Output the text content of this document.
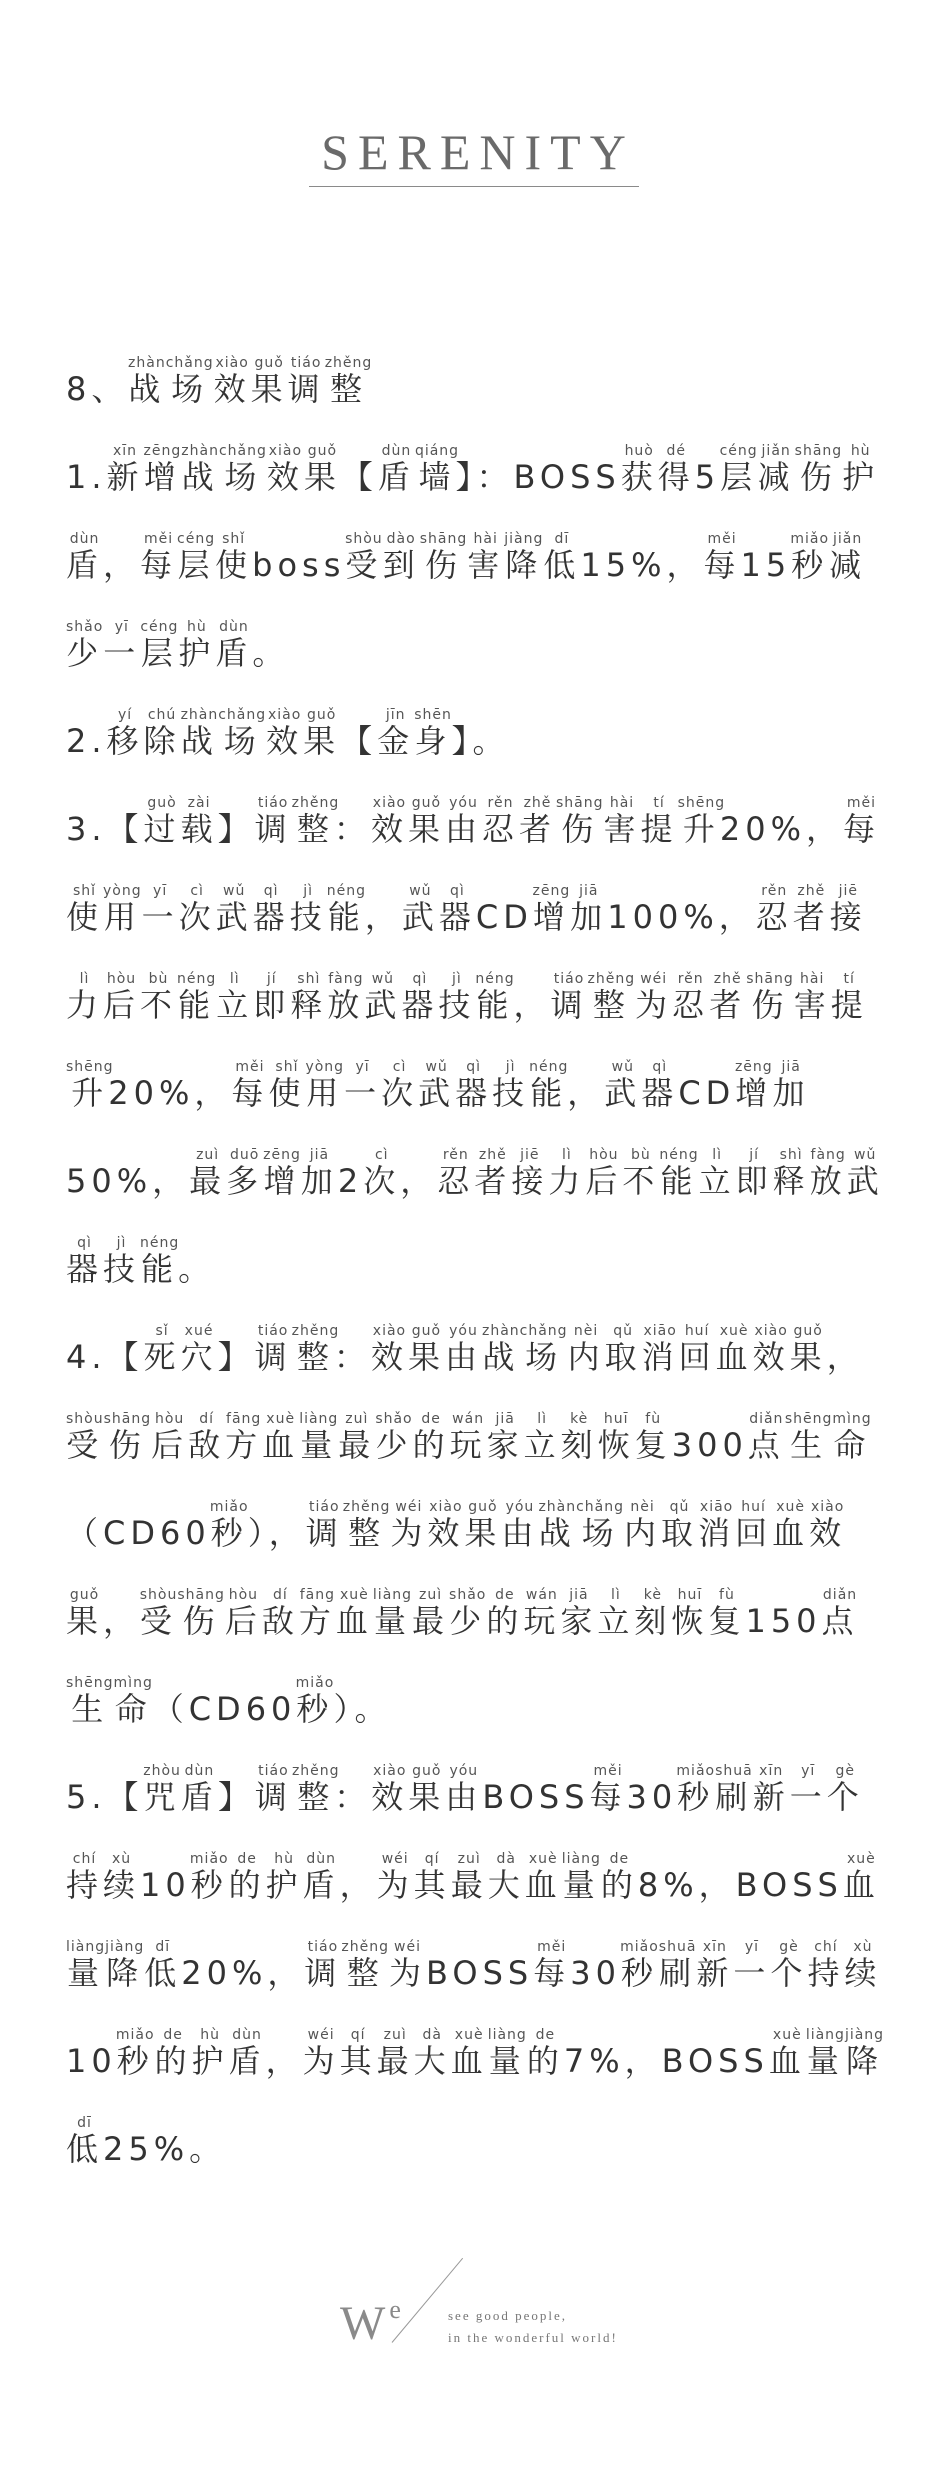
SERENITY
8、战zhàn场chǎng效xiào果guǒ调tiáo整zhěng
1.新xīn增zēng战zhàn场chǎng效xiào果guǒ【盾dùn墙qiáng】：BOSS获huò得dé5层céng减jiǎn伤shāng护hù盾dùn，每měi层céng使shǐboss受shòu到dào伤shāng害hài降jiàng低dī15%，每měi15秒miǎo减jiǎn少shǎo一yī层céng护hù盾dùn。
2.移yí除chú战zhàn场chǎng效xiào果guǒ【金jīn身shēn】。
3.【过guò载zài】调tiáo整zhěng：效xiào果guǒ由yóu忍rěn者zhě伤shāng害hài提tí升shēng20%，每měi使shǐ用yòng一yī次cì武wǔ器qì技jì能néng，武wǔ器qìCD增zēng加jiā100%，忍rěn者zhě接jiē力lì后hòu不bù能néng立lì即jí释shì放fàng武wǔ器qì技jì能néng，调tiáo整zhěng为wéi忍rěn者zhě伤shāng害hài提tí升shēng20%，每měi使shǐ用yòng一yī次cì武wǔ器qì技jì能néng，武wǔ器qìCD增zēng加jiā50%，最zuì多duō增zēng加jiā2次cì，忍rěn者zhě接jiē力lì后hòu不bù能néng立lì即jí释shì放fàng武wǔ器qì技jì能néng。
4.【死sǐ穴xué】调tiáo整zhěng：效xiào果guǒ由yóu战zhàn场chǎng内nèi取qǔ消xiāo回huí血xuè效xiào果guǒ，受shòu伤shāng后hòu敌dí方fāng血xuè量liàng最zuì少shǎo的de玩wán家jiā立lì刻kè恢huī复fù300点diǎn生shēng命mìng（CD60秒miǎo），调tiáo整zhěng为wéi效xiào果guǒ由yóu战zhàn场chǎng内nèi取qǔ消xiāo回huí血xuè效xiào果guǒ，受shòu伤shāng后hòu敌dí方fāng血xuè量liàng最zuì少shǎo的de玩wán家jiā立lì刻kè恢huī复fù150点diǎn生shēng命mìng（CD60秒miǎo）。
5.【咒zhòu盾dùn】调tiáo整zhěng：效xiào果guǒ由yóuBOSS每měi30秒miǎo刷shuā新xīn一yī个gè持chí续xù10秒miǎo的de护hù盾dùn，为wéi其qí最zuì大dà血xuè量liàng的de8%，BOSS血xuè量liàng降jiàng低dī20%，调tiáo整zhěng为wéiBOSS每měi30秒miǎo刷shuā新xīn一yī个gè持chí续xù10秒miǎo的de护hù盾dùn，为wéi其qí最zuì大dà血xuè量liàng的de7%，BOSS血xuè量liàng降jiàng低dī25%。
W $^e$	see good people,
in the wonderful world!
